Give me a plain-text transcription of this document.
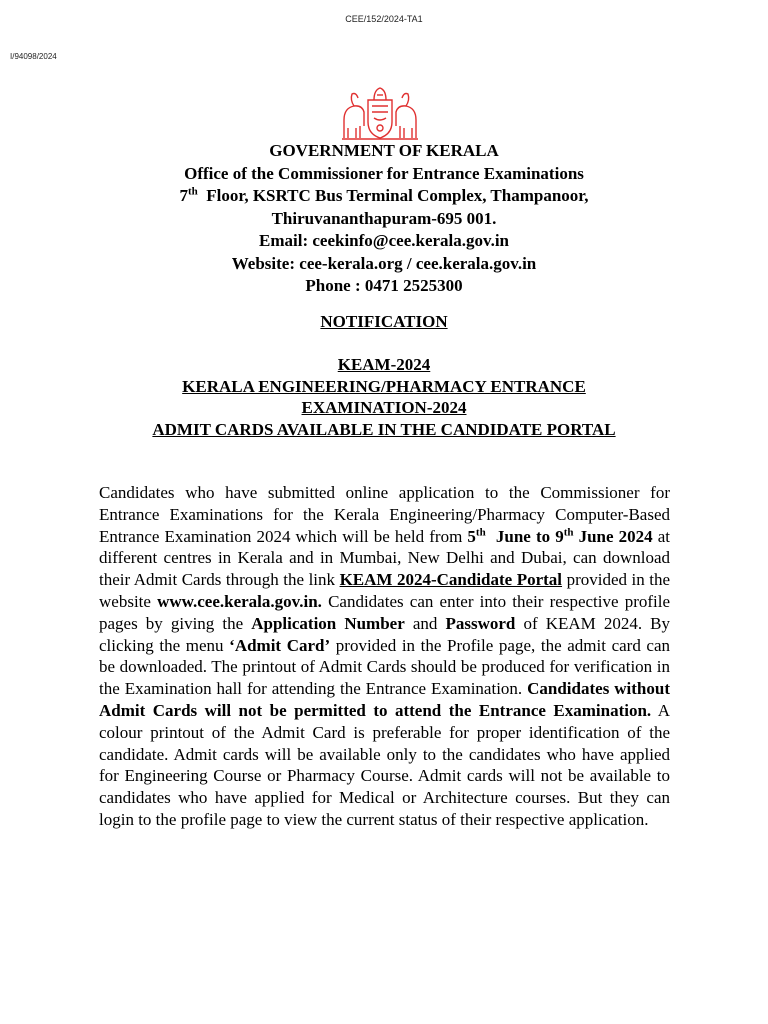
CEE/152/2024-TA1
I/94098/2024
GOVERNMENT OF KERALA
Office of the Commissioner for Entrance Examinations
7th Floor, KSRTC Bus Terminal Complex, Thampanoor,
Thiruvananthapuram-695 001.
Email: ceekinfo@cee.kerala.gov.in
Website: cee-kerala.org / cee.kerala.gov.in
Phone : 0471 2525300
NOTIFICATION
KEAM-2024
KERALA ENGINEERING/PHARMACY ENTRANCE
EXAMINATION-2024
ADMIT CARDS AVAILABLE IN THE CANDIDATE PORTAL
Candidates who have submitted online application to the Commissioner for Entrance Examinations for the Kerala Engineering/Pharmacy Computer-Based Entrance Examination 2024 which will be held from 5th June to 9th June 2024 at different centres in Kerala and in Mumbai, New Delhi and Dubai, can download their Admit Cards through the link KEAM 2024-Candidate Portal provided in the website www.cee.kerala.gov.in. Candidates can enter into their respective profile pages by giving the Application Number and Password of KEAM 2024. By clicking the menu ‘Admit Card’ provided in the Profile page, the admit card can be downloaded. The printout of Admit Cards should be produced for verification in the Examination hall for attending the Entrance Examination. Candidates without Admit Cards will not be permitted to attend the Entrance Examination. A colour printout of the Admit Card is preferable for proper identification of the candidate. Admit cards will be available only to the candidates who have applied for Engineering Course or Pharmacy Course. Admit cards will not be available to candidates who have applied for Medical or Architecture courses. But they can login to the profile page to view the current status of their respective application.
